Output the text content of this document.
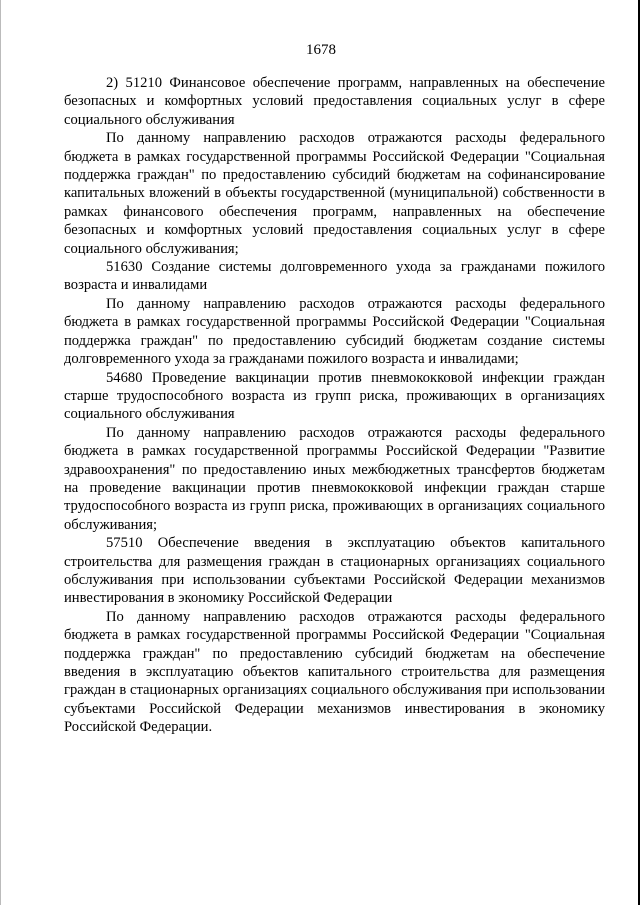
1678

2) 51210 Финансовое обеспечение программ, направленных на обеспечение безопасных и комфортных условий предоставления социальных услуг в сфере социального обслуживания

По данному направлению расходов отражаются расходы федерального бюджета в рамках государственной программы Российской Федерации "Социальная поддержка граждан" по предоставлению субсидий бюджетам на софинансирование капитальных вложений в объекты государственной (муниципальной) собственности в рамках финансового обеспечения программ, направленных на обеспечение безопасных и комфортных условий предоставления социальных услуг в сфере социального обслуживания;

51630 Создание системы долговременного ухода за гражданами пожилого возраста и инвалидами

По данному направлению расходов отражаются расходы федерального бюджета в рамках государственной программы Российской Федерации "Социальная поддержка граждан" по предоставлению субсидий бюджетам создание системы долговременного ухода за гражданами пожилого возраста и инвалидами;

54680 Проведение вакцинации против пневмококковой инфекции граждан старше трудоспособного возраста из групп риска, проживающих в организациях социального обслуживания

По данному направлению расходов отражаются расходы федерального бюджета в рамках государственной программы Российской Федерации "Развитие здравоохранения" по предоставлению иных межбюджетных трансфертов бюджетам на проведение вакцинации против пневмококковой инфекции граждан старше трудоспособного возраста из групп риска, проживающих в организациях социального обслуживания;

57510 Обеспечение введения в эксплуатацию объектов капитального строительства для размещения граждан в стационарных организациях социального обслуживания при использовании субъектами Российской Федерации механизмов инвестирования в экономику Российской Федерации

По данному направлению расходов отражаются расходы федерального бюджета в рамках государственной программы Российской Федерации "Социальная поддержка граждан" по предоставлению субсидий бюджетам на обеспечение введения в эксплуатацию объектов капитального строительства для размещения граждан в стационарных организациях социального обслуживания при использовании субъектами Российской Федерации механизмов инвестирования в экономику Российской Федерации.
